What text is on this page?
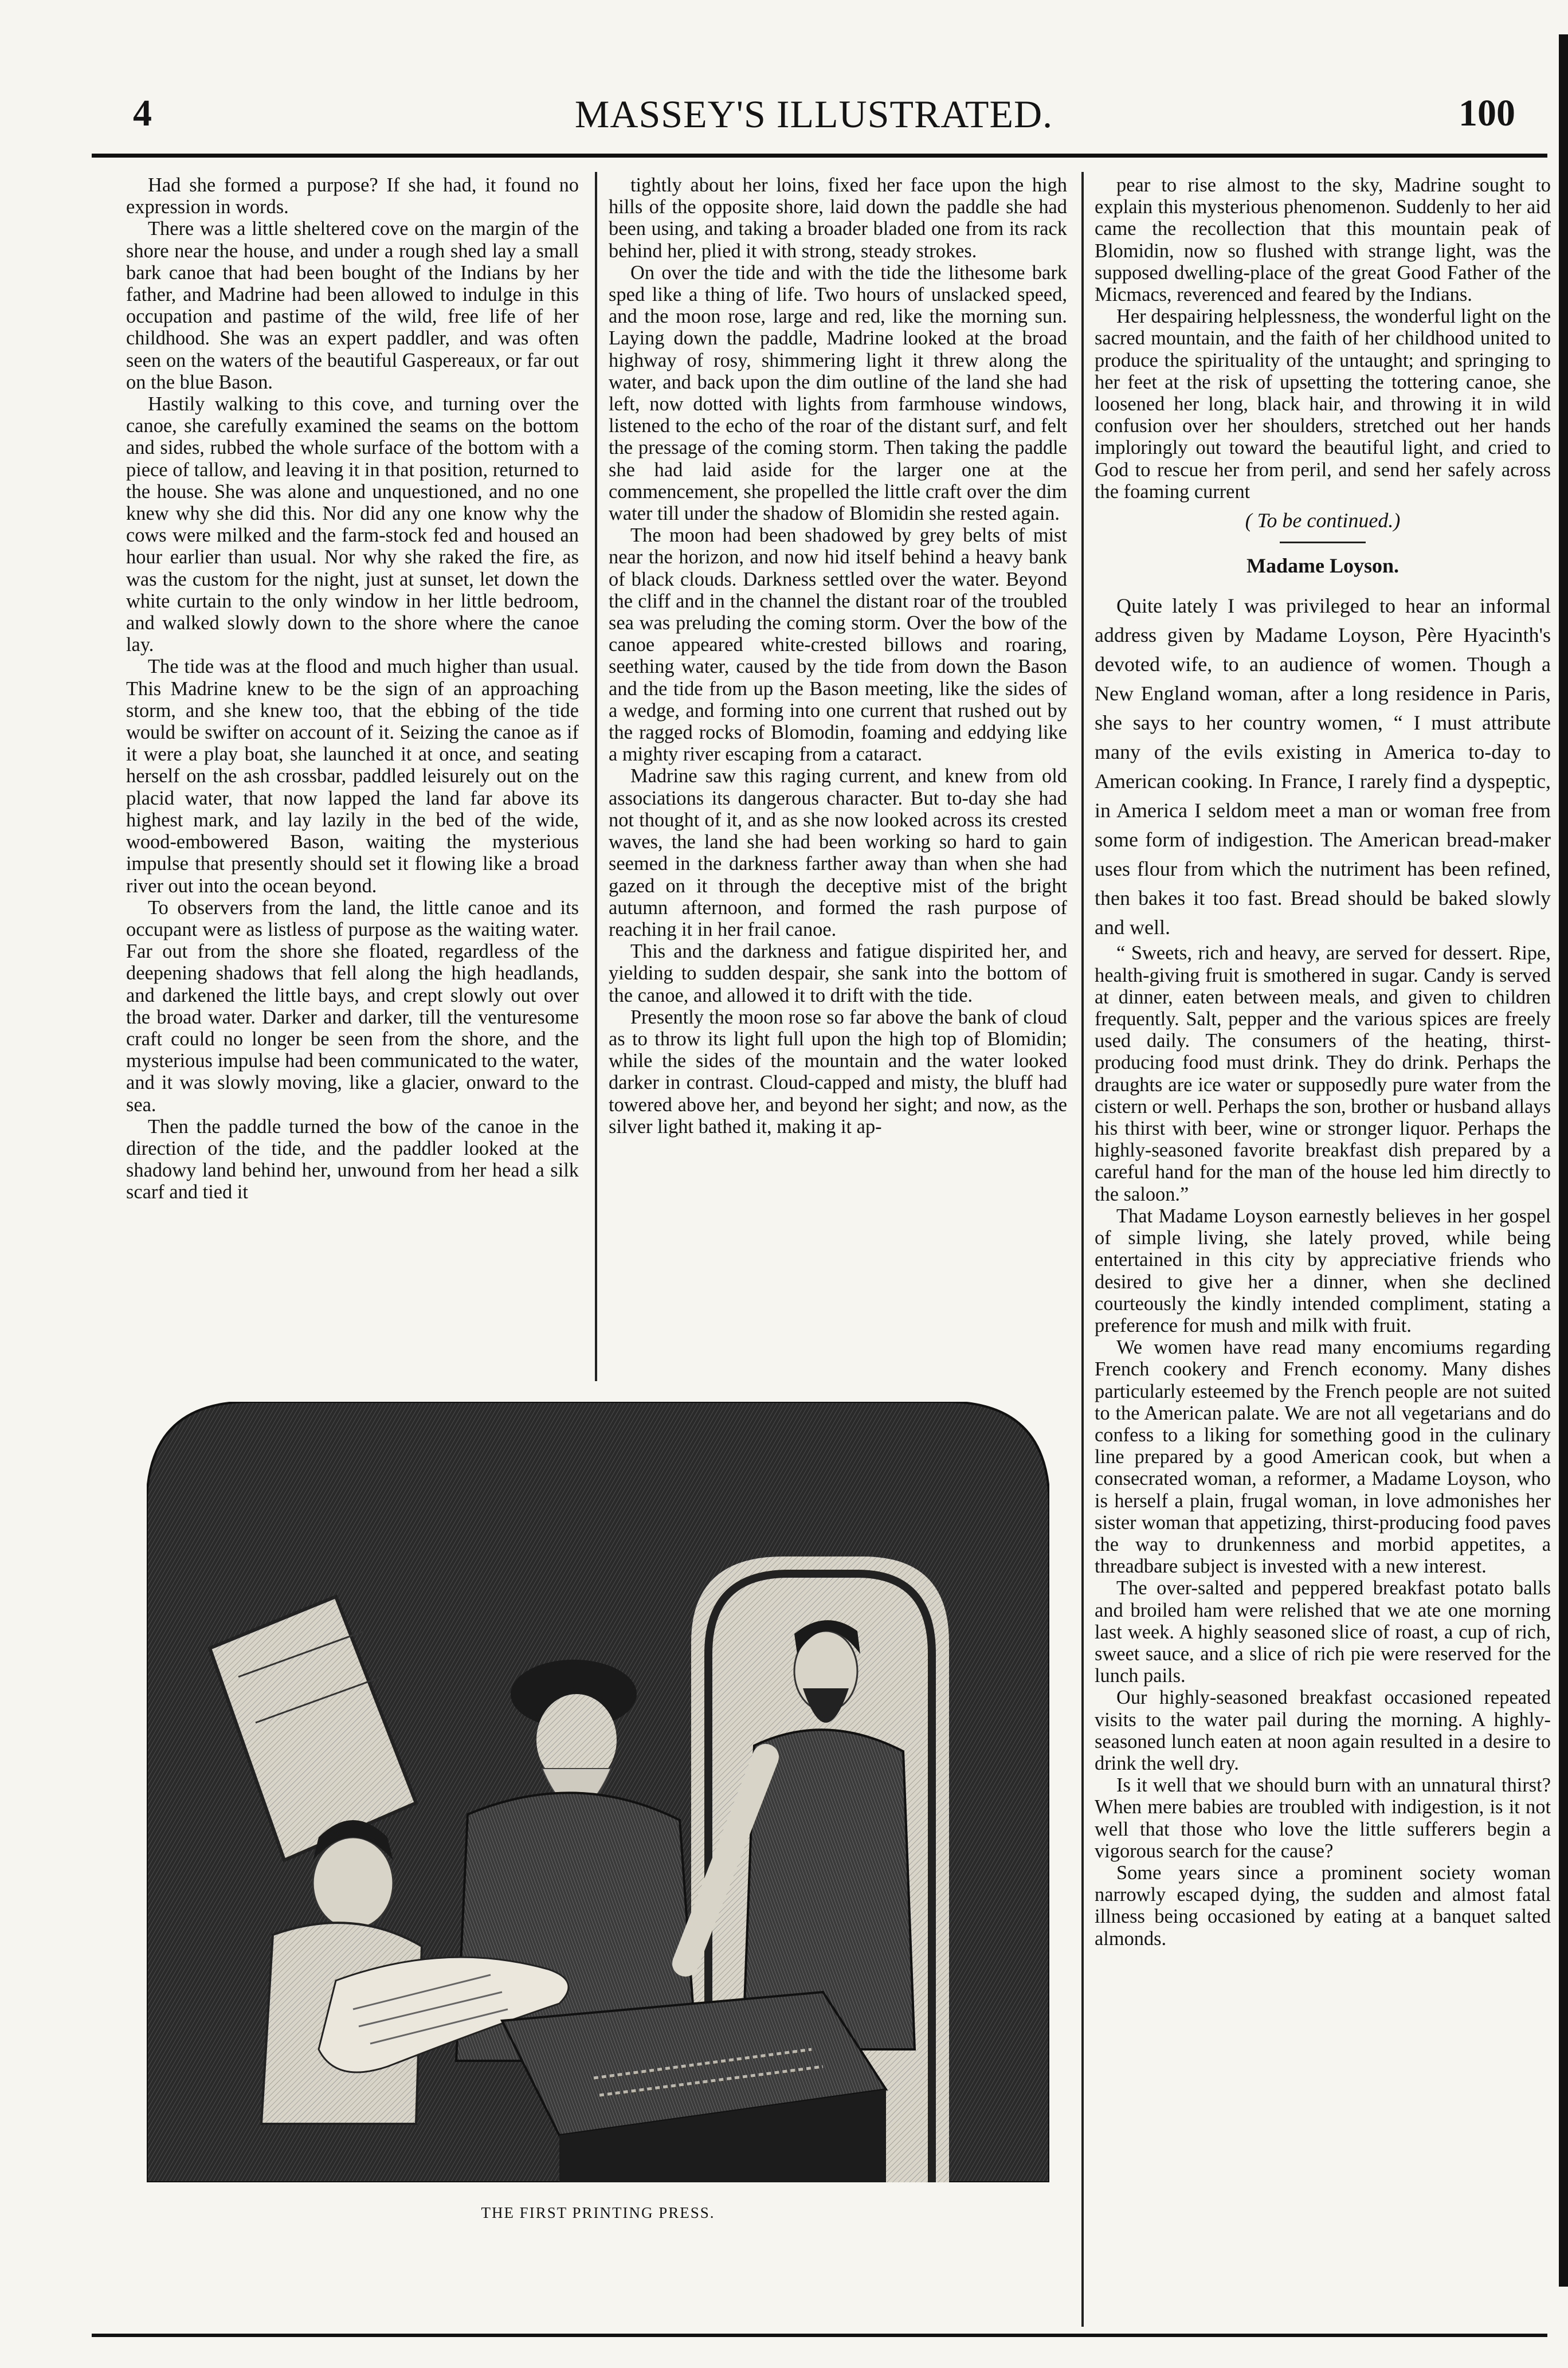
4	MASSEY'S ILLUSTRATED.	100

Had she formed a purpose? If she had, it found no expression in words.

There was a little sheltered cove on the margin of the shore near the house, and under a rough shed lay a small bark canoe that had been bought of the Indians by her father, and Madrine had been allowed to indulge in this occupation and pastime of the wild, free life of her childhood. She was an expert paddler, and was often seen on the waters of the beautiful Gaspereaux, or far out on the blue Bason.

Hastily walking to this cove, and turning over the canoe, she carefully examined the seams on the bottom and sides, rubbed the whole surface of the bottom with a piece of tallow, and leaving it in that position, returned to the house. She was alone and unquestioned, and no one knew why she did this. Nor did any one know why the cows were milked and the farm-stock fed and housed an hour earlier than usual. Nor why she raked the fire, as was the custom for the night, just at sunset, let down the white curtain to the only window in her little bedroom, and walked slowly down to the shore where the canoe lay.

The tide was at the flood and much higher than usual. This Madrine knew to be the sign of an approaching storm, and she knew too, that the ebbing of the tide would be swifter on account of it. Seizing the canoe as if it were a play boat, she launched it at once, and seating herself on the ash crossbar, paddled leisurely out on the placid water, that now lapped the land far above its highest mark, and lay lazily in the bed of the wide, wood-embowered Bason, waiting the mysterious impulse that presently should set it flowing like a broad river out into the ocean beyond.

To observers from the land, the little canoe and its occupant were as listless of purpose as the waiting water. Far out from the shore she floated, regardless of the deepening shadows that fell along the high headlands, and darkened the little bays, and crept slowly out over the broad water. Darker and darker, till the venturesome craft could no longer be seen from the shore, and the mysterious impulse had been communicated to the water, and it was slowly moving, like a glacier, onward to the sea.

Then the paddle turned the bow of the canoe in the direction of the tide, and the paddler looked at the shadowy land behind her, unwound from her head a silk scarf and tied it

tightly about her loins, fixed her face upon the high hills of the opposite shore, laid down the paddle she had been using, and taking a broader bladed one from its rack behind her, plied it with strong, steady strokes.

On over the tide and with the tide the lithesome bark sped like a thing of life. Two hours of unslacked speed, and the moon rose, large and red, like the morning sun. Laying down the paddle, Madrine looked at the broad highway of rosy, shimmering light it threw along the water, and back upon the dim outline of the land she had left, now dotted with lights from farmhouse windows, listened to the echo of the roar of the distant surf, and felt the pressage of the coming storm. Then taking the paddle she had laid aside for the larger one at the commencement, she propelled the little craft over the dim water till under the shadow of Blomidin she rested again.

The moon had been shadowed by grey belts of mist near the horizon, and now hid itself behind a heavy bank of black clouds. Darkness settled over the water. Beyond the cliff and in the channel the distant roar of the troubled sea was preluding the coming storm. Over the bow of the canoe appeared white-crested billows and roaring, seething water, caused by the tide from down the Bason and the tide from up the Bason meeting, like the sides of a wedge, and forming into one current that rushed out by the ragged rocks of Blomodin, foaming and eddying like a mighty river escaping from a cataract.

Madrine saw this raging current, and knew from old associations its dangerous character. But to-day she had not thought of it, and as she now looked across its crested waves, the land she had been working so hard to gain seemed in the darkness farther away than when she had gazed on it through the deceptive mist of the bright autumn afternoon, and formed the rash purpose of reaching it in her frail canoe.

This and the darkness and fatigue dispirited her, and yielding to sudden despair, she sank into the bottom of the canoe, and allowed it to drift with the tide.

Presently the moon rose so far above the bank of cloud as to throw its light full upon the high top of Blomidin; while the sides of the mountain and the water looked darker in contrast. Cloud-capped and misty, the bluff had towered above her, and beyond her sight; and now, as the silver light bathed it, making it ap-

pear to rise almost to the sky, Madrine sought to explain this mysterious phenomenon. Suddenly to her aid came the recollection that this mountain peak of Blomidin, now so flushed with strange light, was the supposed dwelling-place of the great Good Father of the Micmacs, reverenced and feared by the Indians.

Her despairing helplessness, the wonderful light on the sacred mountain, and the faith of her childhood united to produce the spirituality of the untaught; and springing to her feet at the risk of upsetting the tottering canoe, she loosened her long, black hair, and throwing it in wild confusion over her shoulders, stretched out her hands imploringly out toward the beautiful light, and cried to God to rescue her from peril, and send her safely across the foaming current

( To be continued.)
Madame Loyson.

Quite lately I was privileged to hear an informal address given by Madame Loyson, Père Hyacinth's devoted wife, to an audience of women. Though a New England woman, after a long residence in Paris, she says to her country women, “ I must attribute many of the evils existing in America to-day to American cooking. In France, I rarely find a dyspeptic, in America I seldom meet a man or woman free from some form of indigestion. The American bread-maker uses flour from which the nutriment has been refined, then bakes it too fast. Bread should be baked slowly and well.

“ Sweets, rich and heavy, are served for dessert. Ripe, health-giving fruit is smothered in sugar. Candy is served at dinner, eaten between meals, and given to children frequently. Salt, pepper and the various spices are freely used daily. The consumers of the heating, thirst-producing food must drink. They do drink. Perhaps the draughts are ice water or supposedly pure water from the cistern or well. Perhaps the son, brother or husband allays his thirst with beer, wine or stronger liquor. Perhaps the highly-seasoned favorite breakfast dish prepared by a careful hand for the man of the house led him directly to the saloon.”

That Madame Loyson earnestly believes in her gospel of simple living, she lately proved, while being entertained in this city by appreciative friends who desired to give her a dinner, when she declined courteously the kindly intended compliment, stating a preference for mush and milk with fruit.

We women have read many encomiums regarding French cookery and French economy. Many dishes particularly esteemed by the French people are not suited to the American palate. We are not all vegetarians and do confess to a liking for something good in the culinary line prepared by a good American cook, but when a consecrated woman, a reformer, a Madame Loyson, who is herself a plain, frugal woman, in love admonishes her sister woman that appetizing, thirst-producing food paves the way to drunkenness and morbid appetites, a threadbare subject is invested with a new interest.

The over-salted and peppered breakfast potato balls and broiled ham were relished that we ate one morning last week. A highly seasoned slice of roast, a cup of rich, sweet sauce, and a slice of rich pie were reserved for the lunch pails.

Our highly-seasoned breakfast occasioned repeated visits to the water pail during the morning. A highly-seasoned lunch eaten at noon again resulted in a desire to drink the well dry.

Is it well that we should burn with an unnatural thirst? When mere babies are troubled with indigestion, is it not well that those who love the little sufferers begin a vigorous search for the cause?

Some years since a prominent society woman narrowly escaped dying, the sudden and almost fatal illness being occasioned by eating at a banquet salted almonds.

THE FIRST PRINTING PRESS.
